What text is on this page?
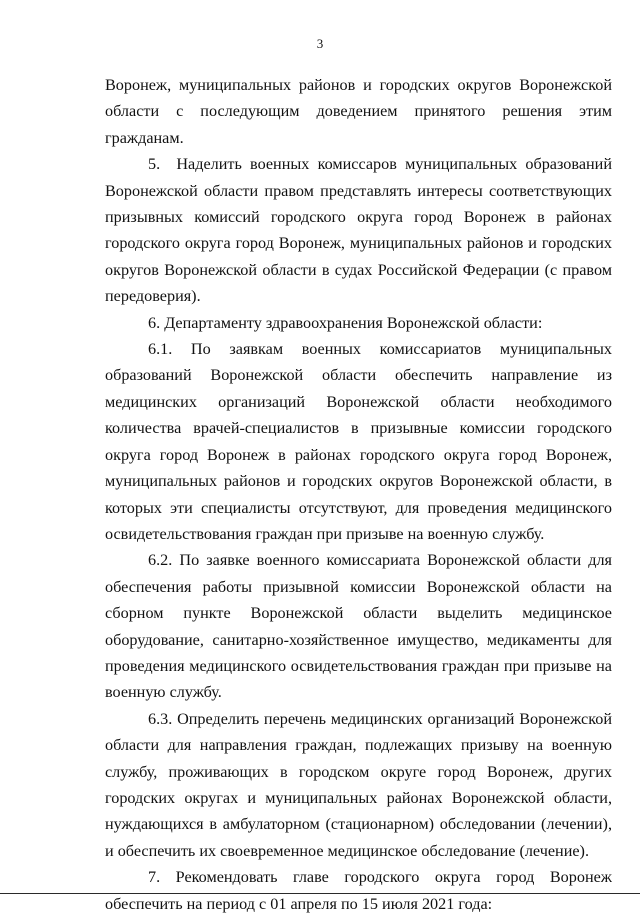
3

Воронеж, муниципальных районов и городских округов Воронежской области с последующим доведением принятого решения этим гражданам.

5. Наделить военных комиссаров муниципальных образований Воронежской области правом представлять интересы соответствующих призывных комиссий городского округа город Воронеж в районах городского округа город Воронеж, муниципальных районов и городских округов Воронежской области в судах Российской Федерации (с правом передоверия).

6. Департаменту здравоохранения Воронежской области:

6.1. По заявкам военных комиссариатов муниципальных образований Воронежской области обеспечить направление из медицинских организаций Воронежской области необходимого количества врачей-специалистов в призывные комиссии городского округа город Воронеж в районах городского округа город Воронеж, муниципальных районов и городских округов Воронежской области, в которых эти специалисты отсутствуют, для проведения медицинского освидетельствования граждан при призыве на военную службу.

6.2. По заявке военного комиссариата Воронежской области для обеспечения работы призывной комиссии Воронежской области на сборном пункте Воронежской области выделить медицинское оборудование, санитарно-хозяйственное имущество, медикаменты для проведения медицинского освидетельствования граждан при призыве на военную службу.

6.3. Определить перечень медицинских организаций Воронежской области для направления граждан, подлежащих призыву на военную службу, проживающих в городском округе город Воронеж, других городских округах и муниципальных районах Воронежской области, нуждающихся в амбулаторном (стационарном) обследовании (лечении), и обеспечить их своевременное медицинское обследование (лечение).

7. Рекомендовать главе городского округа город Воронеж обеспечить на период с 01 апреля по 15 июля 2021 года:
